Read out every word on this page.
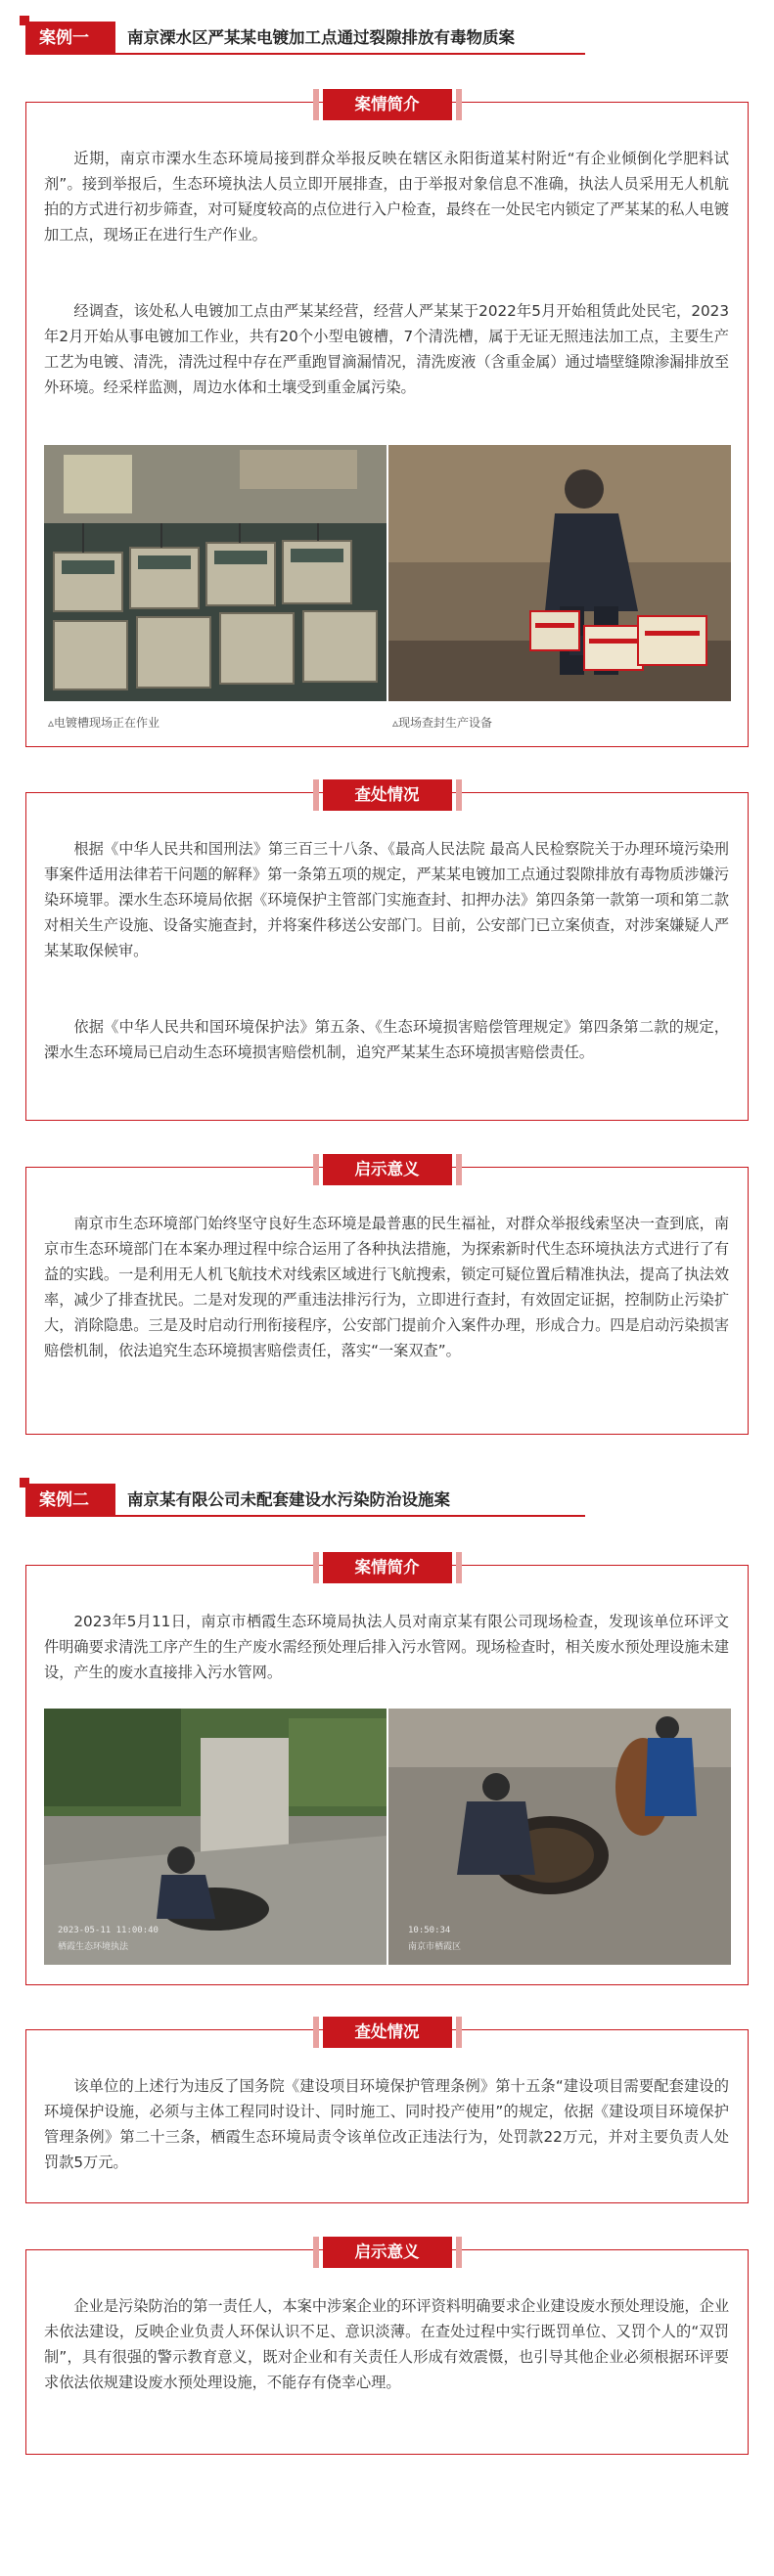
案例一	南京溧水区严某某电镀加工点通过裂隙排放有毒物质案
案情简介

近期，南京市溧水生态环境局接到群众举报反映在辖区永阳街道某村附近“有企业倾倒化学肥料试剂”。接到举报后，生态环境执法人员立即开展排查，由于举报对象信息不准确，执法人员采用无人机航拍的方式进行初步筛查，对可疑度较高的点位进行入户检查，最终在一处民宅内锁定了严某某的私人电镀加工点，现场正在进行生产作业。

经调查，该处私人电镀加工点由严某某经营，经营人严某某于2022年5月开始租赁此处民宅，2023年2月开始从事电镀加工作业，共有20个小型电镀槽，7个清洗槽，属于无证无照违法加工点，主要生产工艺为电镀、清洗，清洗过程中存在严重跑冒滴漏情况，清洗废液（含重金属）通过墙壁缝隙渗漏排放至外环境。经采样监测，周边水体和土壤受到重金属污染。

▵电镀槽现场正在作业	▵现场查封生产设备
查处情况

根据《中华人民共和国刑法》第三百三十八条、《最高人民法院 最高人民检察院关于办理环境污染刑事案件适用法律若干问题的解释》第一条第五项的规定，严某某电镀加工点通过裂隙排放有毒物质涉嫌污染环境罪。溧水生态环境局依据《环境保护主管部门实施查封、扣押办法》第四条第一款第一项和第二款对相关生产设施、设备实施查封，并将案件移送公安部门。目前，公安部门已立案侦查，对涉案嫌疑人严某某取保候审。

依据《中华人民共和国环境保护法》第五条、《生态环境损害赔偿管理规定》第四条第二款的规定，溧水生态环境局已启动生态环境损害赔偿机制，追究严某某生态环境损害赔偿责任。

启示意义

南京市生态环境部门始终坚守良好生态环境是最普惠的民生福祉，对群众举报线索坚决一查到底，南京市生态环境部门在本案办理过程中综合运用了各种执法措施，为探索新时代生态环境执法方式进行了有益的实践。一是利用无人机飞航技术对线索区域进行飞航搜索，锁定可疑位置后精准执法，提高了执法效率，减少了排查扰民。二是对发现的严重违法排污行为，立即进行查封，有效固定证据，控制防止污染扩大，消除隐患。三是及时启动行刑衔接程序，公安部门提前介入案件办理，形成合力。四是启动污染损害赔偿机制，依法追究生态环境损害赔偿责任，落实“一案双查”。

案例二	南京某有限公司未配套建设水污染防治设施案
案情简介

2023年5月11日，南京市栖霞生态环境局执法人员对南京某有限公司现场检查，发现该单位环评文件明确要求清洗工序产生的生产废水需经预处理后排入污水管网。现场检查时，相关废水预处理设施未建设，产生的废水直接排入污水管网。

2023-05-11 11:00:40
栖霞生态环境执法
10:50:34
南京市栖霞区
查处情况

该单位的上述行为违反了国务院《建设项目环境保护管理条例》第十五条“建设项目需要配套建设的环境保护设施，必须与主体工程同时设计、同时施工、同时投产使用”的规定，依据《建设项目环境保护管理条例》第二十三条，栖霞生态环境局责令该单位改正违法行为，处罚款22万元，并对主要负责人处罚款5万元。

启示意义

企业是污染防治的第一责任人，本案中涉案企业的环评资料明确要求企业建设废水预处理设施，企业未依法建设，反映企业负责人环保认识不足、意识淡薄。在查处过程中实行既罚单位、又罚个人的“双罚制”，具有很强的警示教育意义，既对企业和有关责任人形成有效震慑，也引导其他企业必须根据环评要求依法依规建设废水预处理设施，不能存有侥幸心理。
